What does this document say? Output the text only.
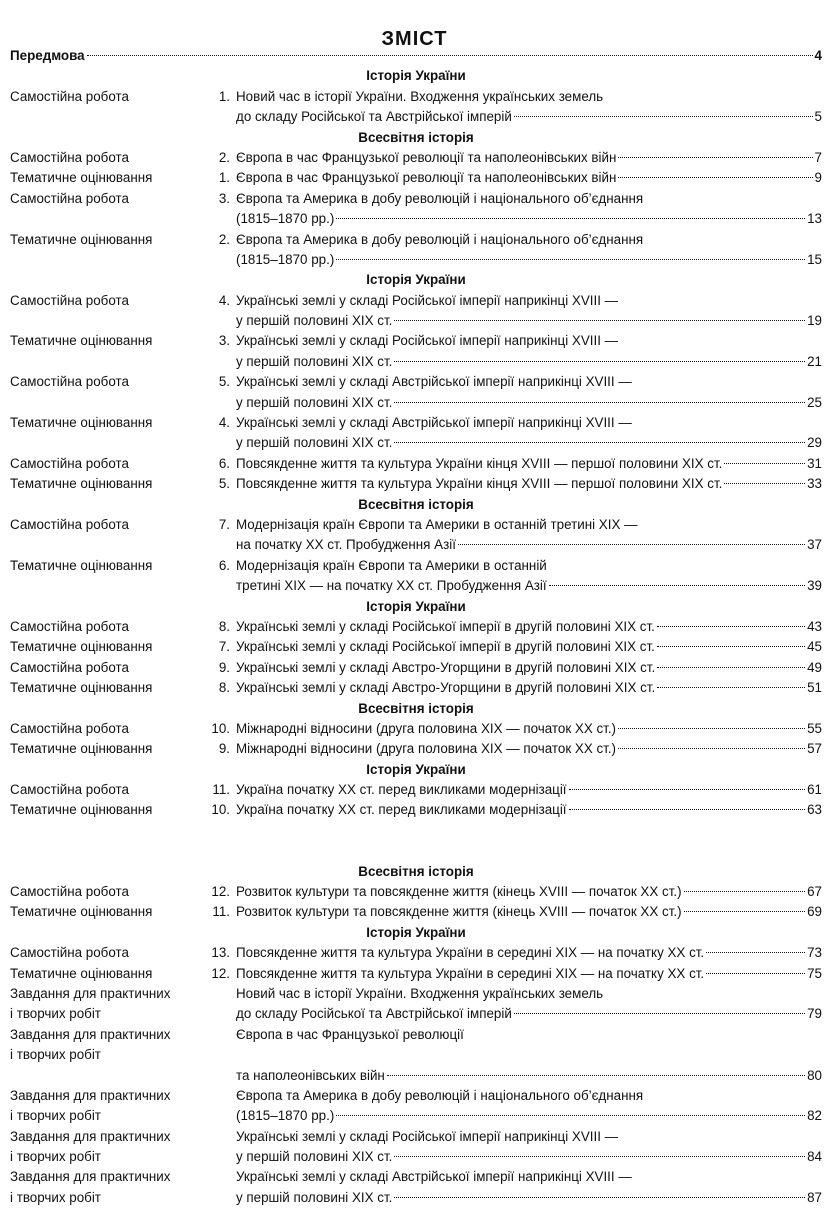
ЗМІСТ
Передмова	4
Історія України
Самостійна робота	1. Новий час в історії України. Входження українських земель
до складу Російської та Австрійської імперій	5
Всесвітня історія
Самостійна робота	2. Європа в час Французької революції та наполеонівських війн	7
Тематичне оцінювання	1. Європа в час Французької революції та наполеонівських війн	9
Самостійна робота	3. Європа та Америка в добу революцій і національного об’єднання
(1815–1870 рр.)	13
Тематичне оцінювання	2. Європа та Америка в добу революцій і національного об’єднання
(1815–1870 рр.)	15
Історія України
Самостійна робота	4. Українські землі у складі Російської імперії наприкінці XVIII —
у першій половині XIX ст.	19
Тематичне оцінювання	3. Українські землі у складі Російської імперії наприкінці XVIII —
у першій половині XIX ст.	21
Самостійна робота	5. Українські землі у складі Австрійської імперії наприкінці XVIII —
у першій половині XIX ст.	25
Тематичне оцінювання	4. Українські землі у складі Австрійської імперії наприкінці XVIII —
у першій половині XIX ст.	29
Самостійна робота	6. Повсякденне життя та культура України кінця XVIII — першої половини XIX ст.	31
Тематичне оцінювання	5. Повсякденне життя та культура України кінця XVIII — першої половини XIX ст.	33
Всесвітня історія
Самостійна робота	7. Модернізація країн Європи та Америки в останній третині XIX —
на початку XX ст. Пробудження Азії	37
Тематичне оцінювання	6. Модернізація країн Європи та Америки в останній
третині XIX — на початку XX ст. Пробудження Азії	39
Історія України
Самостійна робота	8. Українські землі у складі Російської імперії в другій половині XIX ст.	43
Тематичне оцінювання	7. Українські землі у складі Російської імперії в другій половині XIX ст.	45
Самостійна робота	9. Українські землі у складі Австро-Угорщини в другій половині XIX ст.	49
Тематичне оцінювання	8. Українські землі у складі Австро-Угорщини в другій половині XIX ст.	51
Всесвітня історія
Самостійна робота	10. Міжнародні відносини (друга половина XIX — початок XX ст.)	55
Тематичне оцінювання	9. Міжнародні відносини (друга половина XIX — початок XX ст.)	57
Історія України
Самостійна робота	11. Україна початку XX ст. перед викликами модернізації	61
Тематичне оцінювання	10. Україна початку XX ст. перед викликами модернізації	63
Всесвітня історія
Самостійна робота	12. Розвиток культури та повсякденне життя (кінець XVIII — початок XX ст.)	67
Тематичне оцінювання	11. Розвиток культури та повсякденне життя (кінець XVIII — початок XX ст.)	69
Історія України
Самостійна робота	13. Повсякденне життя та культура України в середині XIX — на початку XX ст.	73
Тематичне оцінювання	12. Повсякденне життя та культура України в середині XIX — на початку XX ст.	75
Завдання для практичних	Новий час в історії України. Входження українських земель
і творчих робіт	до складу Російської та Австрійської імперій	79
Завдання для практичних	Європа в час Французької революції
і творчих робіт
та наполеонівських війн	80
Завдання для практичних	Європа та Америка в добу революцій і національного об’єднання
і творчих робіт	(1815–1870 рр.)	82
Завдання для практичних	Українські землі у складі Російської імперії наприкінці XVIII —
і творчих робіт	у першій половині XIX ст.	84
Завдання для практичних	Українські землі у складі Австрійської імперії наприкінці XVIII —
і творчих робіт	у першій половині XIX ст.	87
